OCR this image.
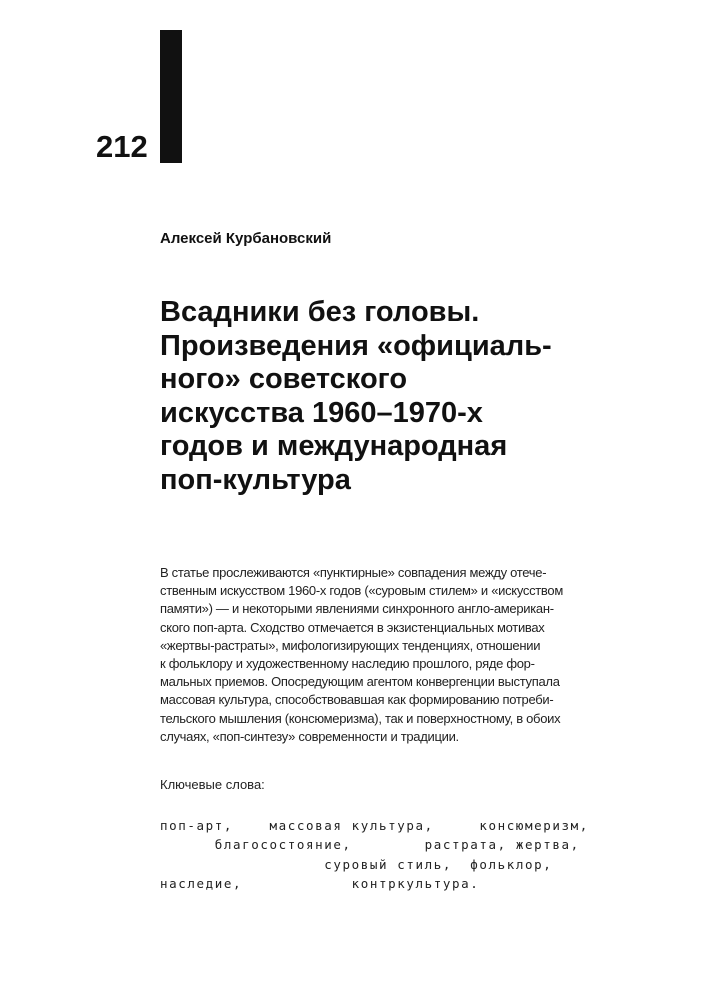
212
Алексей Курбановский
Всадники без головы.
Произведения «официаль-
ного» советского
искусства 1960–1970-х
годов и международная
поп-культура
В статье прослеживаются «пунктирные» совпадения между отече-
ственным искусством 1960-х годов («суровым стилем» и «искусством
памяти») — и некоторыми явлениями синхронного англо-американ-
ского поп-арта. Сходство отмечается в экзистенциальных мотивах
«жертвы-растраты», мифологизирующих тенденциях, отношении
к фольклору и художественному наследию прошлого, ряде фор-
мальных приемов. Опосредующим агентом конвергенции выступала
массовая культура, способствовавшая как формированию потреби-
тельского мышления (консюмеризма), так и поверхностному, в обоих
случаях, «поп-синтезу» современности и традиции.
Ключевые слова:
поп-арт,    массовая культура,     консюмеризм,
благосостояние,        растрата, жертва,
суровый стиль,  фольклор,
наследие,            контркультура.
